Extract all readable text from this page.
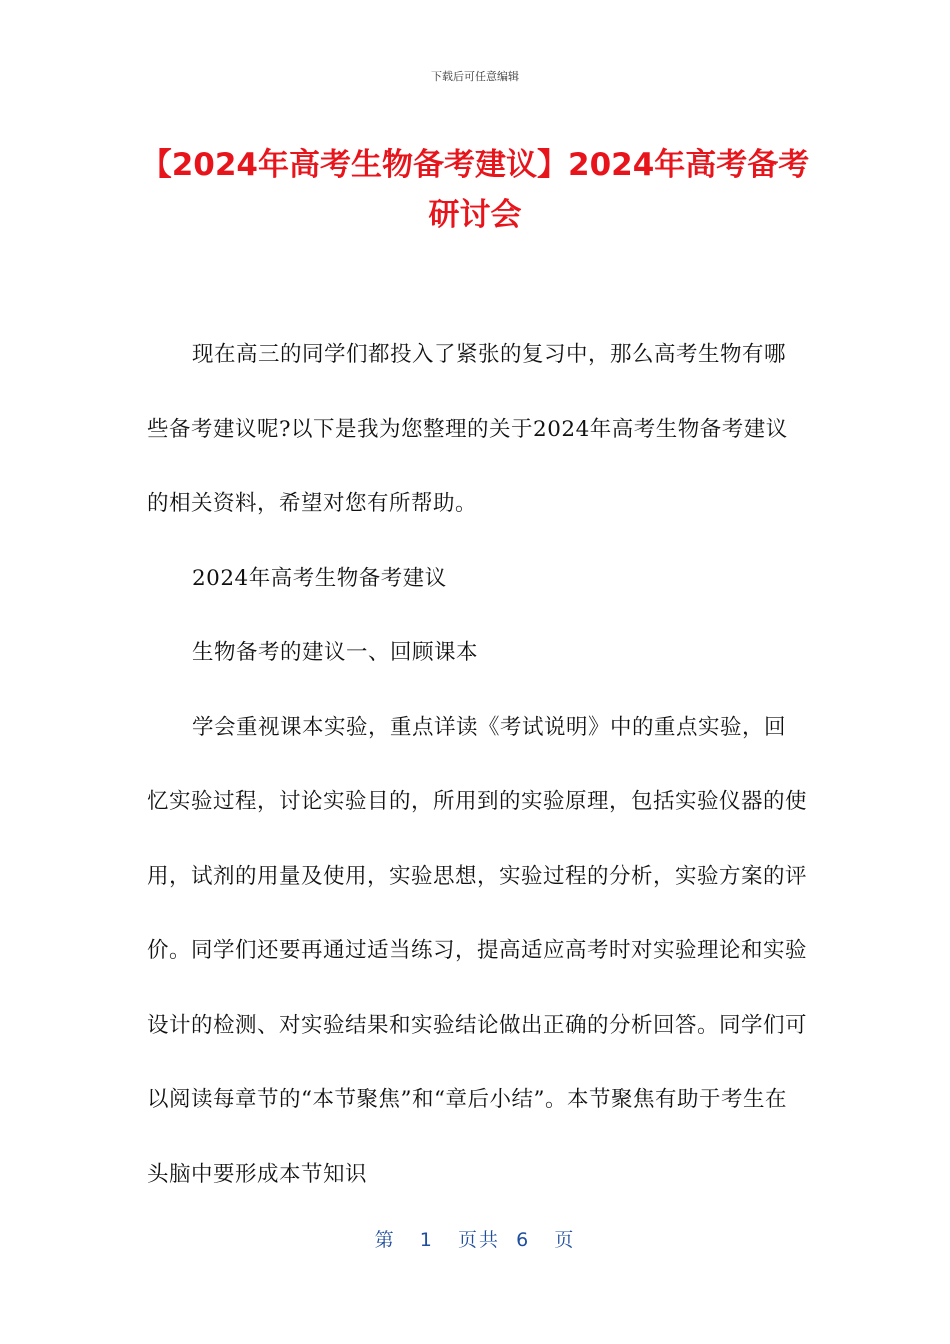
下载后可任意编辑
【2024年高考生物备考建议】2024年高考备考研讨会

现在高三的同学们都投入了紧张的复习中，那么高考生物有哪些备考建议呢?以下是我为您整理的关于2024年高考生物备考建议的相关资料，希望对您有所帮助。

2024年高考生物备考建议

生物备考的建议一、回顾课本

学会重视课本实验，重点详读《考试说明》中的重点实验，回忆实验过程，讨论实验目的，所用到的实验原理，包括实验仪器的使用，试剂的用量及使用，实验思想，实验过程的分析，实验方案的评价。同学们还要再通过适当练习，提高适应高考时对实验理论和实验设计的检测、对实验结果和实验结论做出正确的分析回答。同学们可以阅读每章节的“本节聚焦”和“章后小结”。本节聚焦有助于考生在头脑中要形成本节知识

第 1 页共 6 页
